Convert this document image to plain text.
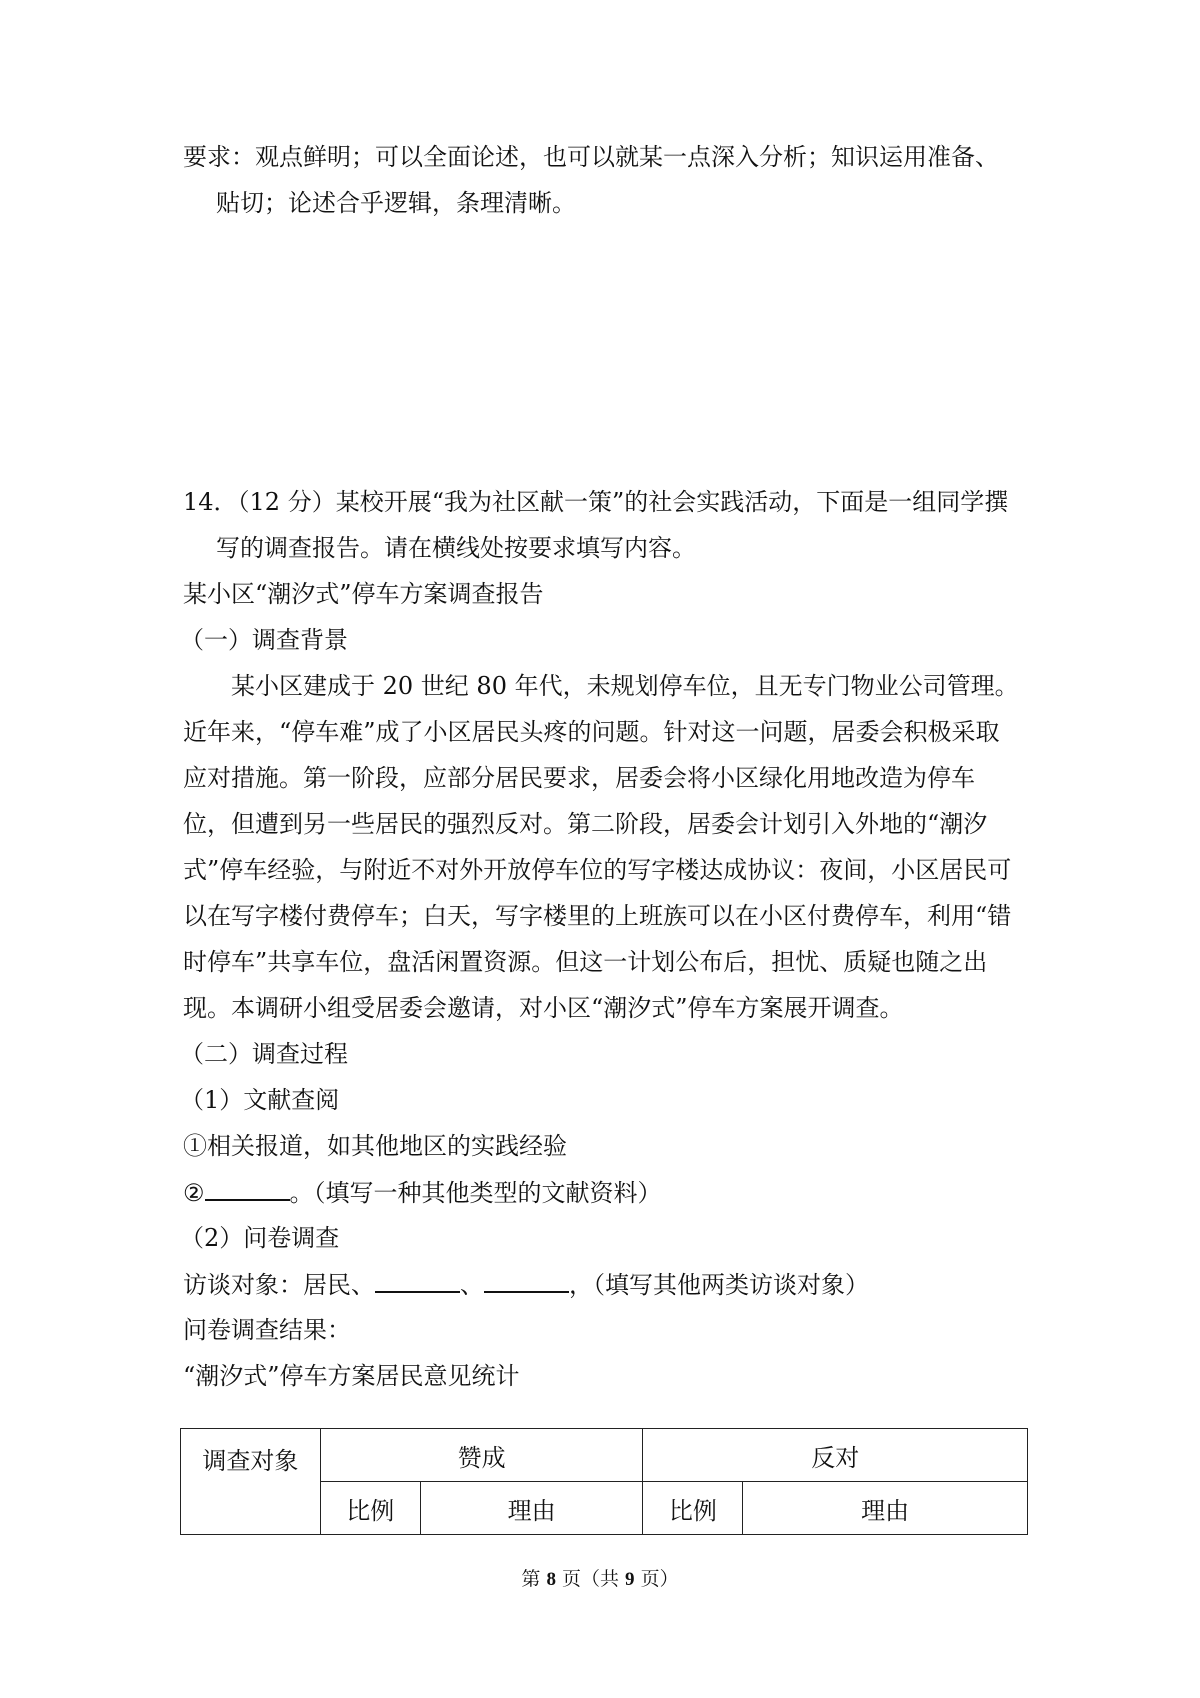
要求：观点鲜明；可以全面论述，也可以就某一点深入分析；知识运用准备、
贴切；论述合乎逻辑，条理清晰。
14．（12 分）某校开展“我为社区献一策”的社会实践活动，下面是一组同学撰
写的调查报告。请在横线处按要求填写内容。
某小区“潮汐式”停车方案调查报告
（一）调查背景
某小区建成于 20 世纪 80 年代，未规划停车位，且无专门物业公司管理。
近年来，“停车难”成了小区居民头疼的问题。针对这一问题，居委会积极采取
应对措施。第一阶段，应部分居民要求，居委会将小区绿化用地改造为停车
位，但遭到另一些居民的强烈反对。第二阶段，居委会计划引入外地的“潮汐
式”停车经验，与附近不对外开放停车位的写字楼达成协议：夜间，小区居民可
以在写字楼付费停车；白天，写字楼里的上班族可以在小区付费停车，利用“错
时停车”共享车位，盘活闲置资源。但这一计划公布后，担忧、质疑也随之出
现。本调研小组受居委会邀请，对小区“潮汐式”停车方案展开调查。
（二）调查过程
（1）文献查阅
①相关报道，如其他地区的实践经验
②	。（填写一种其他类型的文献资料）
（2）问卷调查
访谈对象：居民、	、	，（填写其他两类访谈对象）
问卷调查结果：
“潮汐式”停车方案居民意见统计
调查对象	赞成		反对	
	比例	理由	比例	理由
第 8 页（共 9 页）
